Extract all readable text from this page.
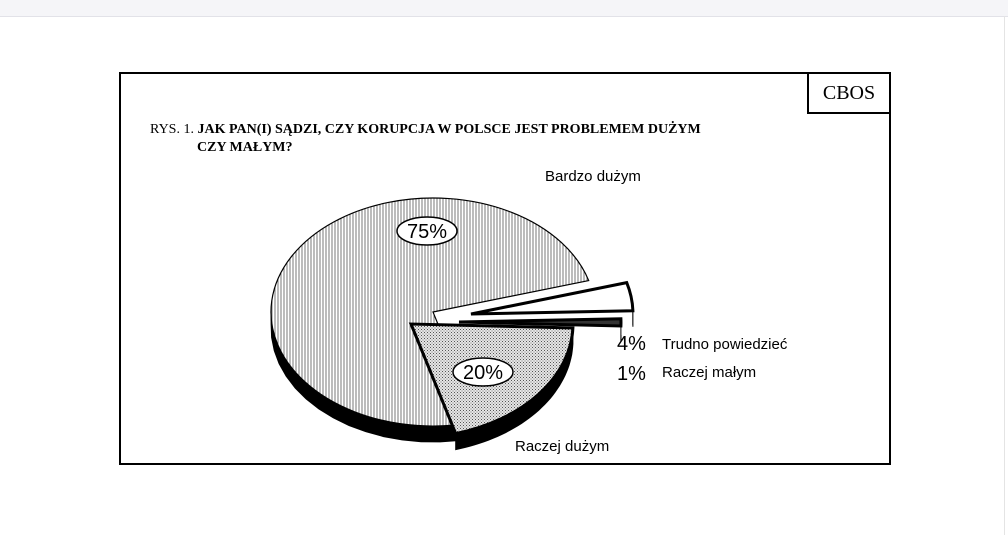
CBOS
RYS. 1. JAK PAN(I) SĄDZI, CZY KORUPCJA W POLSCE JEST PROBLEMEM DUŻYM
CZY MAŁYM?
75%
20%
Bardzo dużym
Raczej dużym
4% Trudno powiedzieć
1% Raczej małym
